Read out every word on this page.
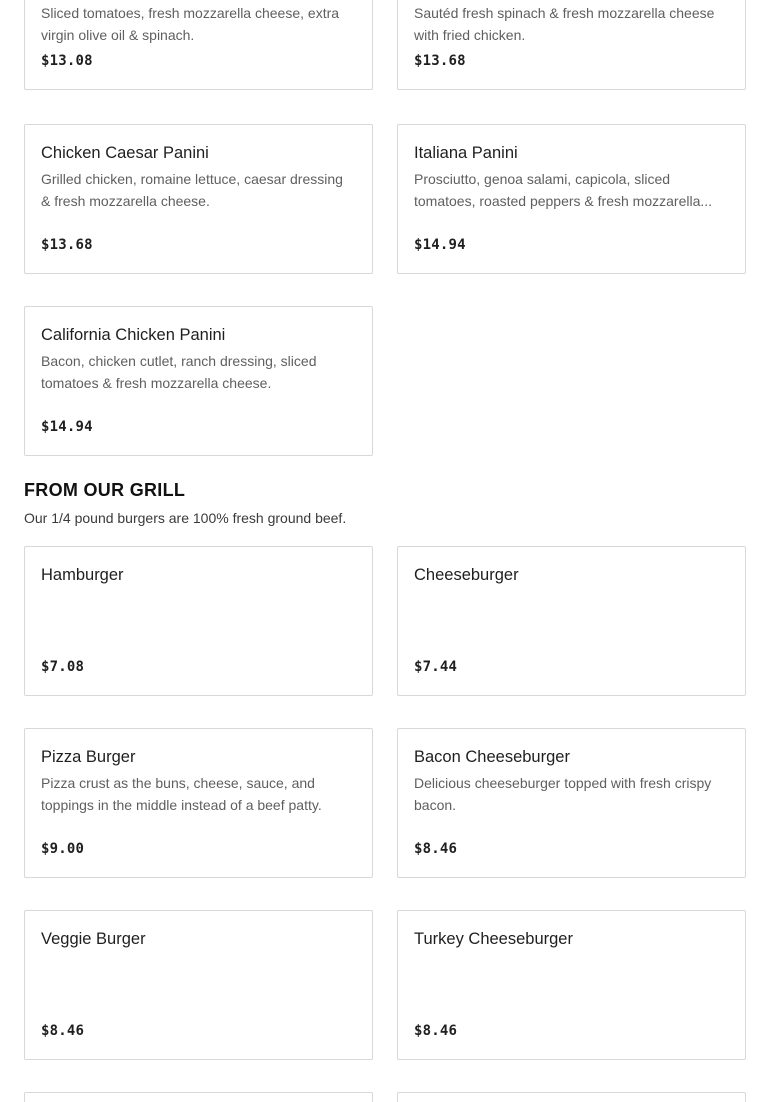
Sliced tomatoes, fresh mozzarella cheese, extra virgin olive oil & spinach.
$13.08
Sautéd fresh spinach & fresh mozzarella cheese with fried chicken.
$13.68
Chicken Caesar Panini
Grilled chicken, romaine lettuce, caesar dressing & fresh mozzarella cheese.
$13.68
Italiana Panini
Prosciutto, genoa salami, capicola, sliced tomatoes, roasted peppers & fresh mozzarella...
$14.94
California Chicken Panini
Bacon, chicken cutlet, ranch dressing, sliced tomatoes & fresh mozzarella cheese.
$14.94
FROM OUR GRILL

Our 1/4 pound burgers are 100% fresh ground beef.

Hamburger
$7.08
Cheeseburger
$7.44
Pizza Burger
Pizza crust as the buns, cheese, sauce, and toppings in the middle instead of a beef patty.
$9.00
Bacon Cheeseburger
Delicious cheeseburger topped with fresh crispy bacon.
$8.46
Veggie Burger
$8.46
Turkey Cheeseburger
$8.46
